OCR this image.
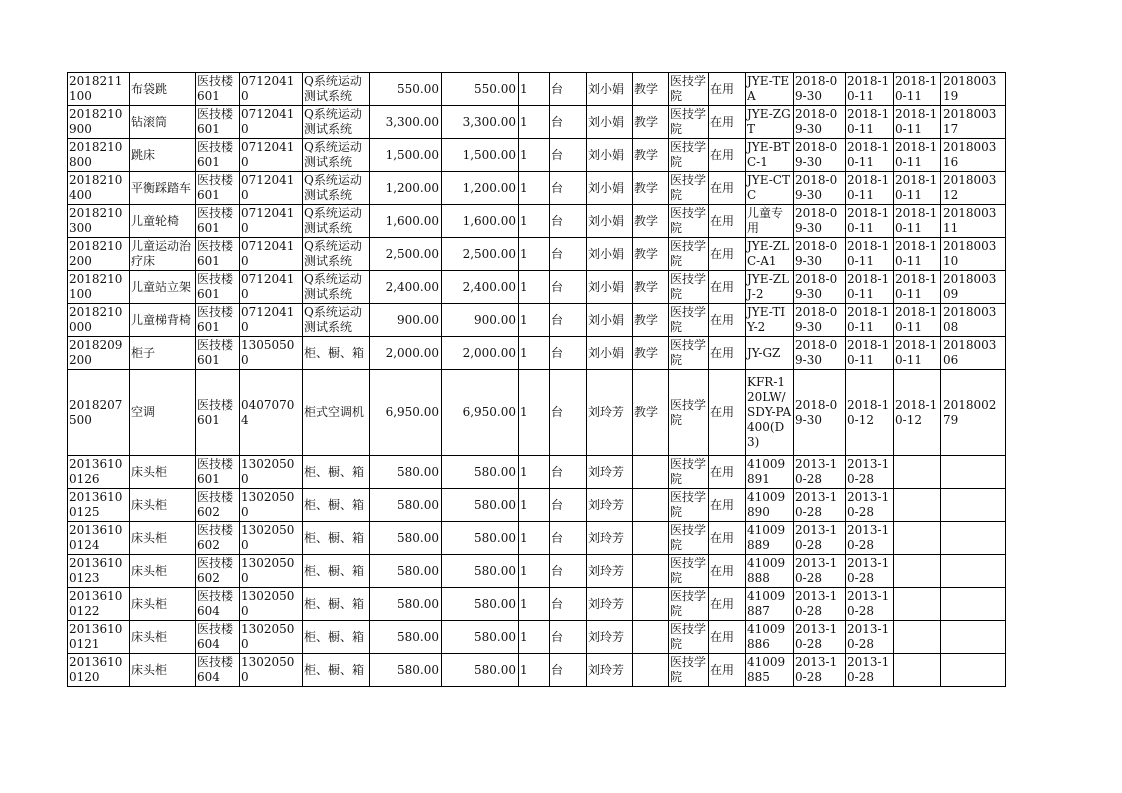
2018211100	布袋跳	医技楼601	07120410	Q系统运动测试系统	550.00	550.00	1	台	刘小娟	教学	医技学院	在用	JYE-TEA	2018-09-30	2018-10-11	2018-10-11	201800319
2018210900	钻滚筒	医技楼601	07120410	Q系统运动测试系统	3,300.00	3,300.00	1	台	刘小娟	教学	医技学院	在用	JYE-ZGT	2018-09-30	2018-10-11	2018-10-11	201800317
2018210800	跳床	医技楼601	07120410	Q系统运动测试系统	1,500.00	1,500.00	1	台	刘小娟	教学	医技学院	在用	JYE-BTC-1	2018-09-30	2018-10-11	2018-10-11	201800316
2018210400	平衡踩踏车	医技楼601	07120410	Q系统运动测试系统	1,200.00	1,200.00	1	台	刘小娟	教学	医技学院	在用	JYE-CTC	2018-09-30	2018-10-11	2018-10-11	201800312
2018210300	儿童轮椅	医技楼601	07120410	Q系统运动测试系统	1,600.00	1,600.00	1	台	刘小娟	教学	医技学院	在用	儿童专用	2018-09-30	2018-10-11	2018-10-11	201800311
2018210200	儿童运动治疗床	医技楼601	07120410	Q系统运动测试系统	2,500.00	2,500.00	1	台	刘小娟	教学	医技学院	在用	JYE-ZLC-A1	2018-09-30	2018-10-11	2018-10-11	201800310
2018210100	儿童站立架	医技楼601	07120410	Q系统运动测试系统	2,400.00	2,400.00	1	台	刘小娟	教学	医技学院	在用	JYE-ZLJ-2	2018-09-30	2018-10-11	2018-10-11	201800309
2018210000	儿童梯背椅	医技楼601	07120410	Q系统运动测试系统	900.00	900.00	1	台	刘小娟	教学	医技学院	在用	JYE-TIY-2	2018-09-30	2018-10-11	2018-10-11	201800308
2018209200	柜子	医技楼601	13050500	柜、橱、箱	2,000.00	2,000.00	1	台	刘小娟	教学	医技学院	在用	JY-GZ	2018-09-30	2018-10-11	2018-10-11	201800306
2018207500	空调	医技楼601	04070704	柜式空调机	6,950.00	6,950.00	1	台	刘玲芳	教学	医技学院	在用	KFR-120LW/SDY-PA400(D3)	2018-09-30	2018-10-12	2018-10-12	201800279
20136100126	床头柜	医技楼601	13020500	柜、橱、箱	580.00	580.00	1	台	刘玲芳		医技学院	在用	41009891	2013-10-28	2013-10-28		
20136100125	床头柜	医技楼602	13020500	柜、橱、箱	580.00	580.00	1	台	刘玲芳		医技学院	在用	41009890	2013-10-28	2013-10-28		
20136100124	床头柜	医技楼602	13020500	柜、橱、箱	580.00	580.00	1	台	刘玲芳		医技学院	在用	41009889	2013-10-28	2013-10-28		
20136100123	床头柜	医技楼602	13020500	柜、橱、箱	580.00	580.00	1	台	刘玲芳		医技学院	在用	41009888	2013-10-28	2013-10-28		
20136100122	床头柜	医技楼604	13020500	柜、橱、箱	580.00	580.00	1	台	刘玲芳		医技学院	在用	41009887	2013-10-28	2013-10-28		
20136100121	床头柜	医技楼604	13020500	柜、橱、箱	580.00	580.00	1	台	刘玲芳		医技学院	在用	41009886	2013-10-28	2013-10-28		
20136100120	床头柜	医技楼604	13020500	柜、橱、箱	580.00	580.00	1	台	刘玲芳		医技学院	在用	41009885	2013-10-28	2013-10-28		
